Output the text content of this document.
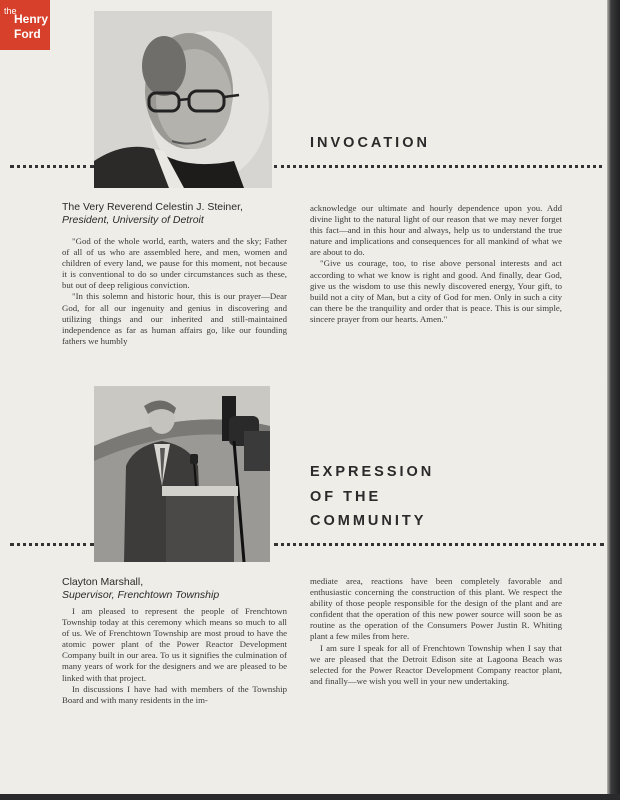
the
Henry
Ford
INVOCATION
The Very Reverend Celestin J. Steiner,
President, University of Detroit

"God of the whole world, earth, waters and the sky; Father of all of us who are assembled here, and men, women and children of every land, we pause for this moment, not because it is conventional to do so under circumstances such as these, but out of deep religious conviction.

"In this solemn and historic hour, this is our prayer—Dear God, for all our ingenuity and genius in discovering and utilizing things and our inherited and still-maintained independence as far as human affairs go, like our founding fathers we humbly

acknowledge our ultimate and hourly dependence upon you. Add divine light to the natural light of our reason that we may never forget this fact—and in this hour and always, help us to understand the true nature and implications and consequences for all mankind of what we are about to do.

"Give us courage, too, to rise above personal interests and act according to what we know is right and good. And finally, dear God, give us the wisdom to use this newly discovered energy, Your gift, to build not a city of Man, but a city of God for men. Only in such a city can there be the tranquility and order that is peace. This is our simple, sincere prayer from our hearts. Amen."

EXPRESSION
OF THE
COMMUNITY
Clayton Marshall,
Supervisor, Frenchtown Township

I am pleased to represent the people of Frenchtown Township today at this ceremony which means so much to all of us. We of Frenchtown Township are most proud to have the atomic power plant of the Power Reactor Development Company built in our area. To us it signifies the culmination of many years of work for the designers and we are pleased to be linked with that project.

In discussions I have had with members of the Township Board and with many residents in the im-

mediate area, reactions have been completely favorable and enthusiastic concerning the construction of this plant. We respect the ability of those people responsible for the design of the plant and are confident that the operation of this new power source will soon be as routine as the operation of the Consumers Power Justin R. Whiting plant a few miles from here.

I am sure I speak for all of Frenchtown Township when I say that we are pleased that the Detroit Edison site at Lagoona Beach was selected for the Power Reactor Development Company reactor plant, and finally—we wish you well in your new undertaking.
